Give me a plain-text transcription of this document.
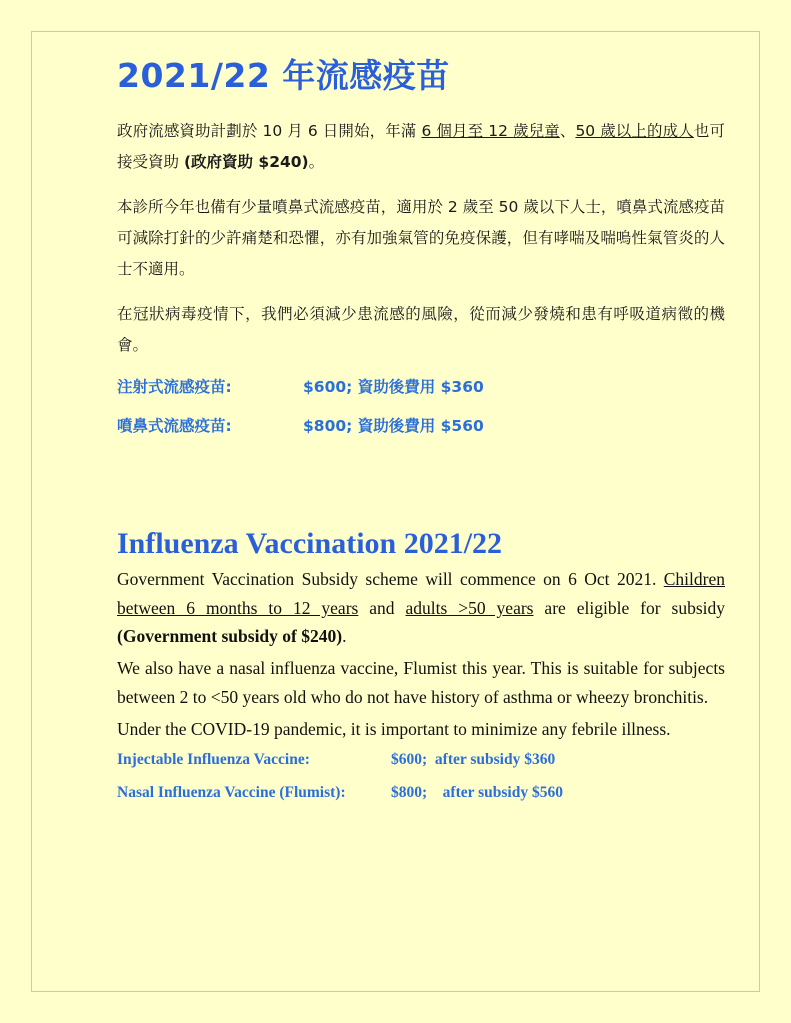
2021/22 年流感疫苗

政府流感資助計劃於 10 月 6 日開始，年滿 6 個月至 12 歲兒童、50 歲以上的成人也可接受資助 (政府資助 $240)。

本診所今年也備有少量噴鼻式流感疫苗，適用於 2 歲至 50 歲以下人士，噴鼻式流感疫苗可減除打針的少許痛楚和恐懼，亦有加強氣管的免疫保護，但有哮喘及喘嗚性氣管炎的人士不適用。

在冠狀病毒疫情下，我們必須減少患流感的風險，從而減少發燒和患有呼吸道病徵的機會。

注射式流感疫苗:	$600; 資助後費用 $360
噴鼻式流感疫苗:	$800; 資助後費用 $560
Influenza Vaccination 2021/22

Government Vaccination Subsidy scheme will commence on 6 Oct 2021. Children between 6 months to 12 years and adults >50 years are eligible for subsidy (Government subsidy of $240).

We also have a nasal influenza vaccine, Flumist this year. This is suitable for subjects between 2 to <50 years old who do not have history of asthma or wheezy bronchitis.

Under the COVID-19 pandemic, it is important to minimize any febrile illness.

Injectable Influenza Vaccine:	$600;  after subsidy $360
Nasal Influenza Vaccine (Flumist):	$800;    after subsidy $560
